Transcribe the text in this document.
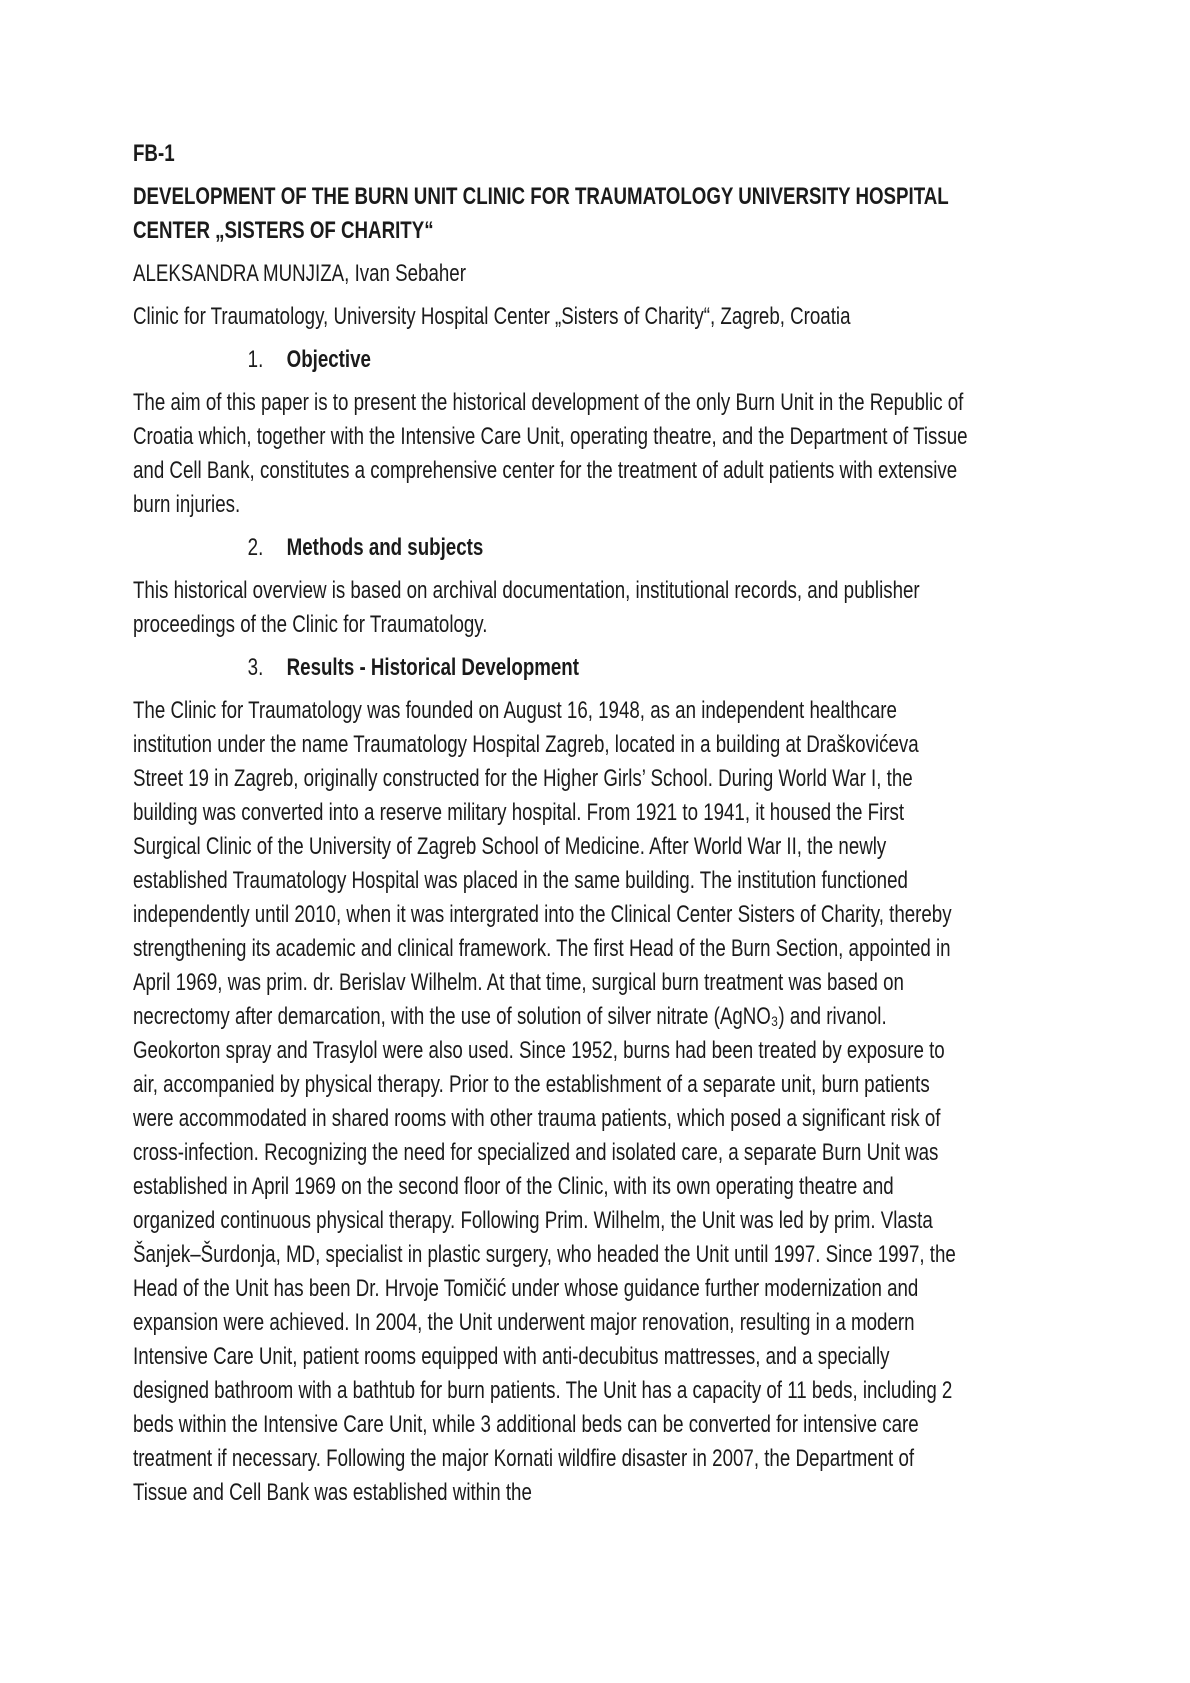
FB-1

DEVELOPMENT OF THE BURN UNIT CLINIC FOR TRAUMATOLOGY UNIVERSITY HOSPITAL CENTER „SISTERS OF CHARITY“

ALEKSANDRA MUNJIZA, Ivan Sebaher

Clinic for Traumatology, University Hospital Center „Sisters of Charity“, Zagreb, Croatia

1. Objective

The aim of this paper is to present the historical development of the only Burn Unit in the Republic of Croatia which, together with the Intensive Care Unit, operating theatre, and the Department of Tissue and Cell Bank, constitutes a comprehensive center for the treatment of adult patients with extensive burn injuries.

2. Methods and subjects

This historical overview is based on archival documentation, institutional records, and publisher proceedings of the Clinic for Traumatology.

3. Results - Historical Development

The Clinic for Traumatology was founded on August 16, 1948, as an independent healthcare institution under the name Traumatology Hospital Zagreb, located in a building at Draškovićeva Street 19 in Zagreb, originally constructed for the Higher Girls’ School. During World War I, the building was converted into a reserve military hospital. From 1921 to 1941, it housed the First Surgical Clinic of the University of Zagreb School of Medicine. After World War II, the newly established Traumatology Hospital was placed in the same building. The institution functioned independently until 2010, when it was intergrated into the Clinical Center Sisters of Charity, thereby strengthening its academic and clinical framework. The first Head of the Burn Section, appointed in April 1969, was prim. dr. Berislav Wilhelm. At that time, surgical burn treatment was based on necrectomy after demarcation, with the use of solution of silver nitrate (AgNO₃) and rivanol. Geokorton spray and Trasylol were also used. Since 1952, burns had been treated by exposure to air, accompanied by physical therapy. Prior to the establishment of a separate unit, burn patients were accommodated in shared rooms with other trauma patients, which posed a significant risk of cross-infection. Recognizing the need for specialized and isolated care, a separate Burn Unit was established in April 1969 on the second floor of the Clinic, with its own operating theatre and organized continuous physical therapy. Following Prim. Wilhelm, the Unit was led by prim. Vlasta Šanjek–Šurdonja, MD, specialist in plastic surgery, who headed the Unit until 1997. Since 1997, the Head of the Unit has been Dr. Hrvoje Tomičić under whose guidance further modernization and expansion were achieved. In 2004, the Unit underwent major renovation, resulting in a modern Intensive Care Unit, patient rooms equipped with anti-decubitus mattresses, and a specially designed bathroom with a bathtub for burn patients. The Unit has a capacity of 11 beds, including 2 beds within the Intensive Care Unit, while 3 additional beds can be converted for intensive care treatment if necessary. Following the major Kornati wildfire disaster in 2007, the Department of Tissue and Cell Bank was established within the
